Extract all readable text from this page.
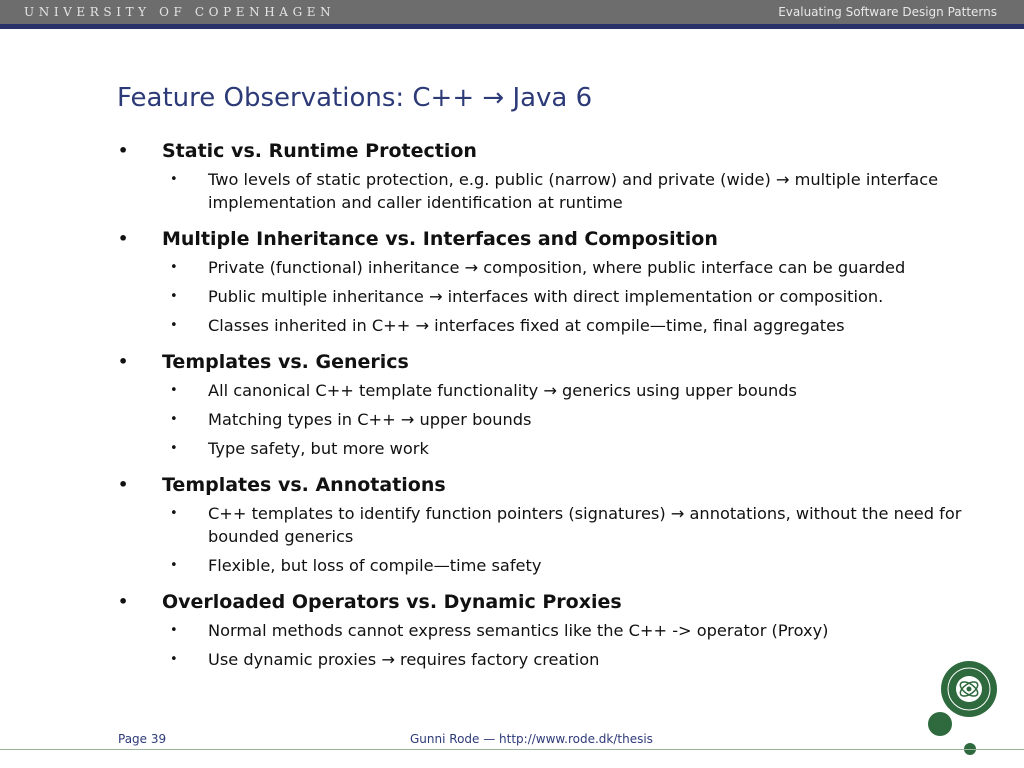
UNIVERSITY OF COPENHAGEN	Evaluating Software Design Patterns
Feature Observations: C++ → Java 6
• Static vs. Runtime Protection
• Two levels of static protection, e.g. public (narrow) and private (wide) → multiple interface implementation and caller identification at runtime
• Multiple Inheritance vs. Interfaces and Composition
• Private (functional) inheritance → composition, where public interface can be guarded
• Public multiple inheritance → interfaces with direct implementation or composition.
• Classes inherited in C++ → interfaces fixed at compile—time, final aggregates
• Templates vs. Generics
• All canonical C++ template functionality → generics using upper bounds
• Matching types in C++ → upper bounds
• Type safety, but more work
• Templates vs. Annotations
• C++ templates to identify function pointers (signatures) → annotations, without the need for bounded generics
• Flexible, but loss of compile—time safety
• Overloaded Operators vs. Dynamic Proxies
• Normal methods cannot express semantics like the C++ -> operator (Proxy)
• Use dynamic proxies → requires factory creation
Page 39	Gunni Rode — http://www.rode.dk/thesis
